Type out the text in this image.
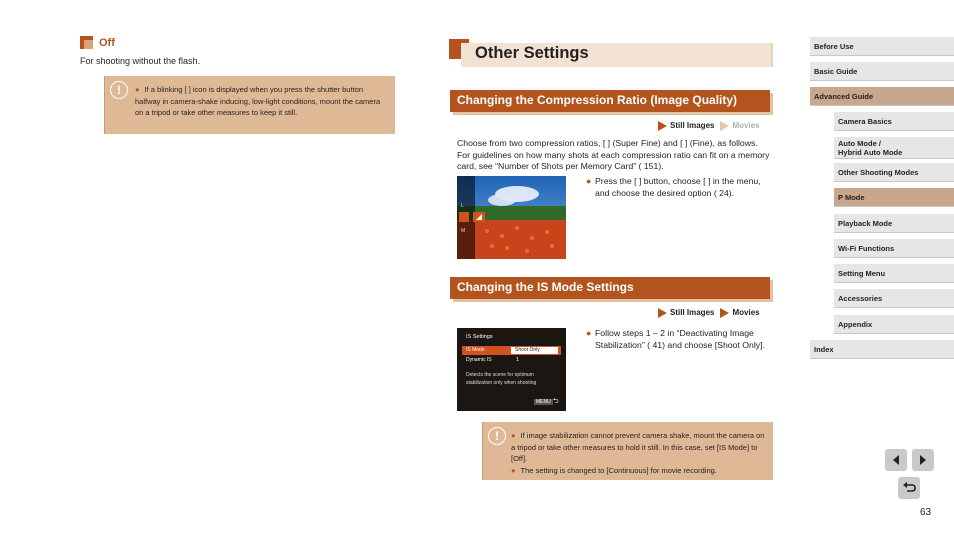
Off
For shooting without the flash.
!	● If a blinking [ ] icon is displayed when you press the shutter button halfway in camera-shake inducing, low-light conditions, mount the camera on a tripod or take other measures to keep it still.
Other Settings
Changing the Compression Ratio (Image Quality)
Still Images	Movies
Choose from two compression ratios, [ ] (Super Fine) and [ ] (Fine), as follows. For guidelines on how many shots at each compression ratio can fit on a memory card, see “Number of Shots per Memory Card” ( 151).
L
M
● Press the [ ] button, choose [ ] in the menu, and choose the desired option ( 24).
Changing the IS Mode Settings
Still Images	Movies
IS Settings
IS Mode	Shoot Only
Dynamic IS	1
Detects the scene for optimum
stabilization only when shooting
MENU ⮌
● Follow steps 1 – 2 in “Deactivating Image Stabilization” ( 41) and choose [Shoot Only].
!	● If image stabilization cannot prevent camera shake, mount the camera on a tripod or take other measures to hold it still. In this case, set [IS Mode] to [Off].
● The setting is changed to [Continuous] for movie recording.
Before Use
Basic Guide
Advanced Guide
Camera Basics
Auto Mode /
Hybrid Auto Mode
Other Shooting Modes
P Mode
Playback Mode
Wi-Fi Functions
Setting Menu
Accessories
Appendix
Index
63
